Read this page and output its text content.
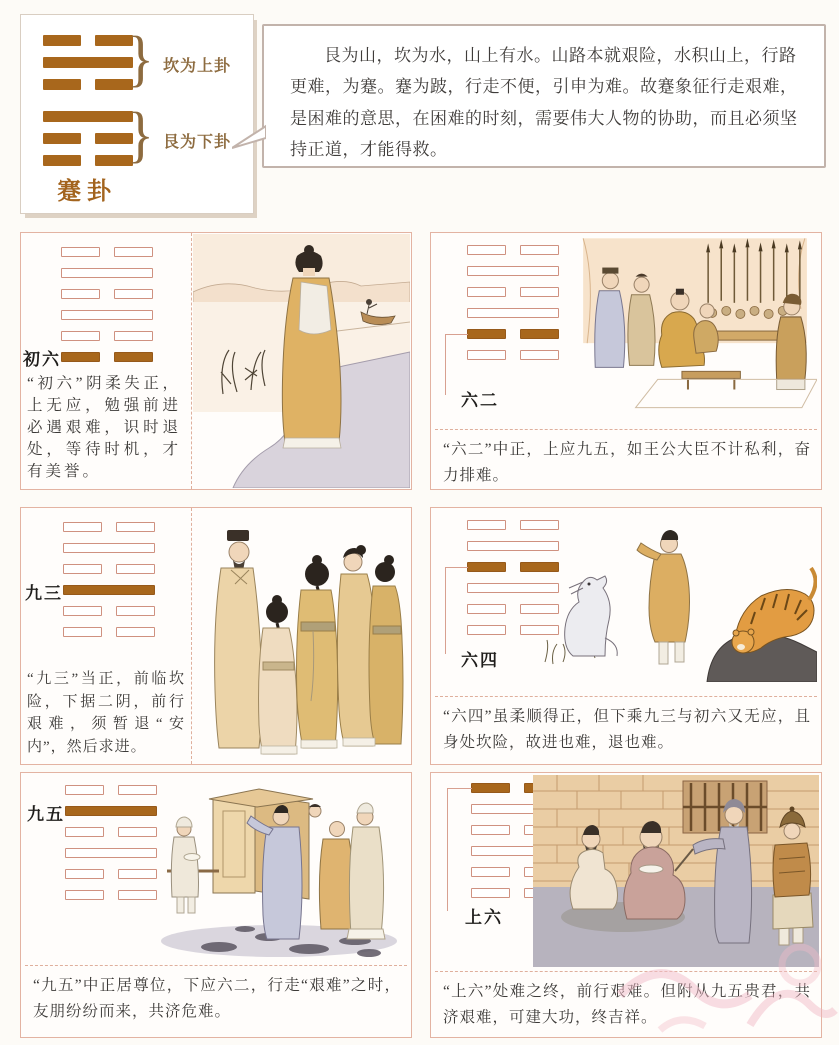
}
}
坎为上卦
艮为下卦
蹇卦

艮为山，坎为水，山上有水。山路本就艰险，水积山上，行路更难，为蹇。蹇为跛，行走不便，引申为难。故蹇象征行走艰难，是困难的意思，在困难的时刻，需要伟大人物的协助，而且必须坚持正道，才能得救。

初六
“初六”阴柔失正，上无应，勉强前进必遇艰难，识时退处，等待时机，才有美誉。
六二
“六二”中正，上应九五，如王公大臣不计私利，奋力排难。
九三
“九三”当正，前临坎险，下据二阴，前行艰难，须暂退“安内”，然后求进。
六四
“六四”虽柔顺得正，但下乘九三与初六又无应，且身处坎险，故进也难，退也难。
九五
“九五”中正居尊位，下应六二，行走“艰难”之时，友朋纷纷而来，共济危难。
上六
“上六”处难之终，前行艰难。但附从九五贵君，共济艰难，可建大功，终吉祥。
